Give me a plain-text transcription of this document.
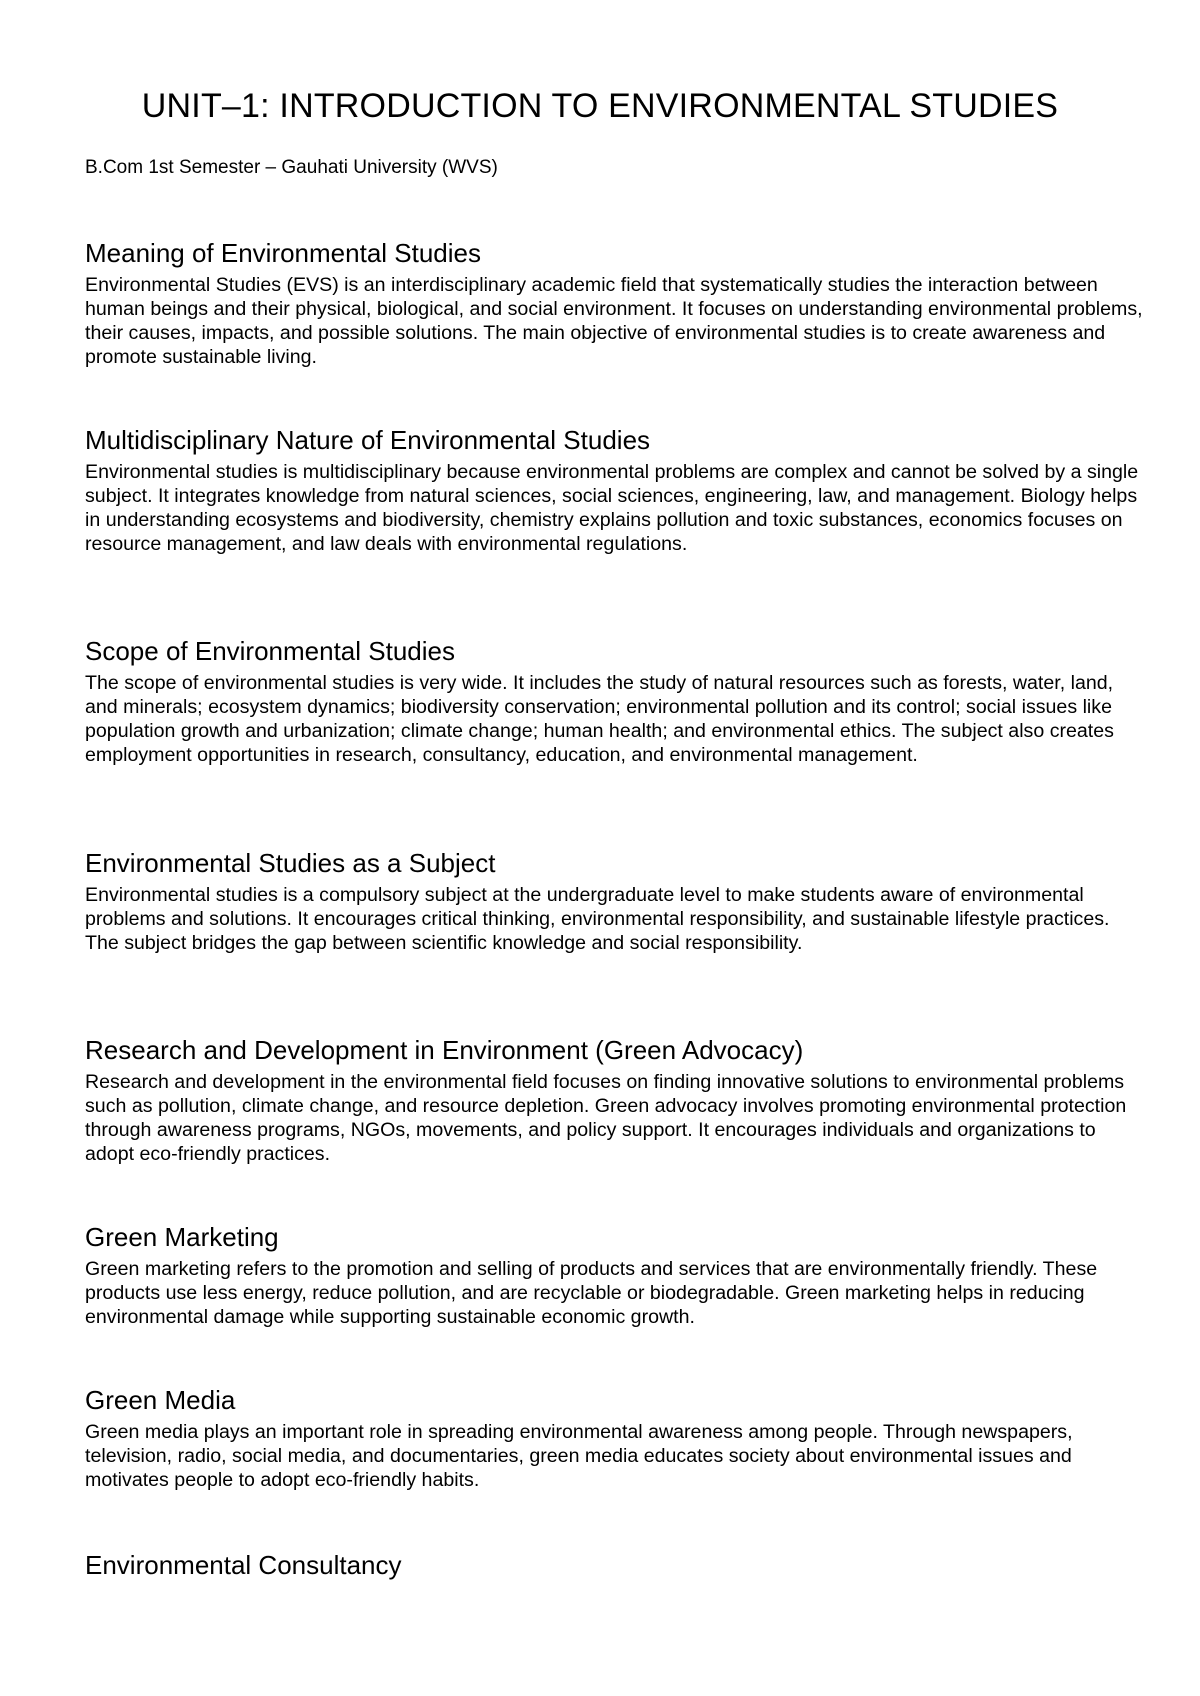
UNIT–1: INTRODUCTION TO ENVIRONMENTAL STUDIES
B.Com 1st Semester – Gauhati University (WVS)
Meaning of Environmental Studies

Environmental Studies (EVS) is an interdisciplinary academic field that systematically studies the interaction between human beings and their physical, biological, and social environment. It focuses on understanding environmental problems, their causes, impacts, and possible solutions. The main objective of environmental studies is to create awareness and promote sustainable living.

Multidisciplinary Nature of Environmental Studies

Environmental studies is multidisciplinary because environmental problems are complex and cannot be solved by a single subject. It integrates knowledge from natural sciences, social sciences, engineering, law, and management. Biology helps in understanding ecosystems and biodiversity, chemistry explains pollution and toxic substances, economics focuses on resource management, and law deals with environmental regulations.

Scope of Environmental Studies

The scope of environmental studies is very wide. It includes the study of natural resources such as forests, water, land, and minerals; ecosystem dynamics; biodiversity conservation; environmental pollution and its control; social issues like population growth and urbanization; climate change; human health; and environmental ethics. The subject also creates employment opportunities in research, consultancy, education, and environmental management.

Environmental Studies as a Subject

Environmental studies is a compulsory subject at the undergraduate level to make students aware of environmental problems and solutions. It encourages critical thinking, environmental responsibility, and sustainable lifestyle practices. The subject bridges the gap between scientific knowledge and social responsibility.

Research and Development in Environment (Green Advocacy)

Research and development in the environmental field focuses on finding innovative solutions to environmental problems such as pollution, climate change, and resource depletion. Green advocacy involves promoting environmental protection through awareness programs, NGOs, movements, and policy support. It encourages individuals and organizations to adopt eco-friendly practices.

Green Marketing

Green marketing refers to the promotion and selling of products and services that are environmentally friendly. These products use less energy, reduce pollution, and are recyclable or biodegradable. Green marketing helps in reducing environmental damage while supporting sustainable economic growth.

Green Media

Green media plays an important role in spreading environmental awareness among people. Through newspapers, television, radio, social media, and documentaries, green media educates society about environmental issues and motivates people to adopt eco-friendly habits.

Environmental Consultancy
